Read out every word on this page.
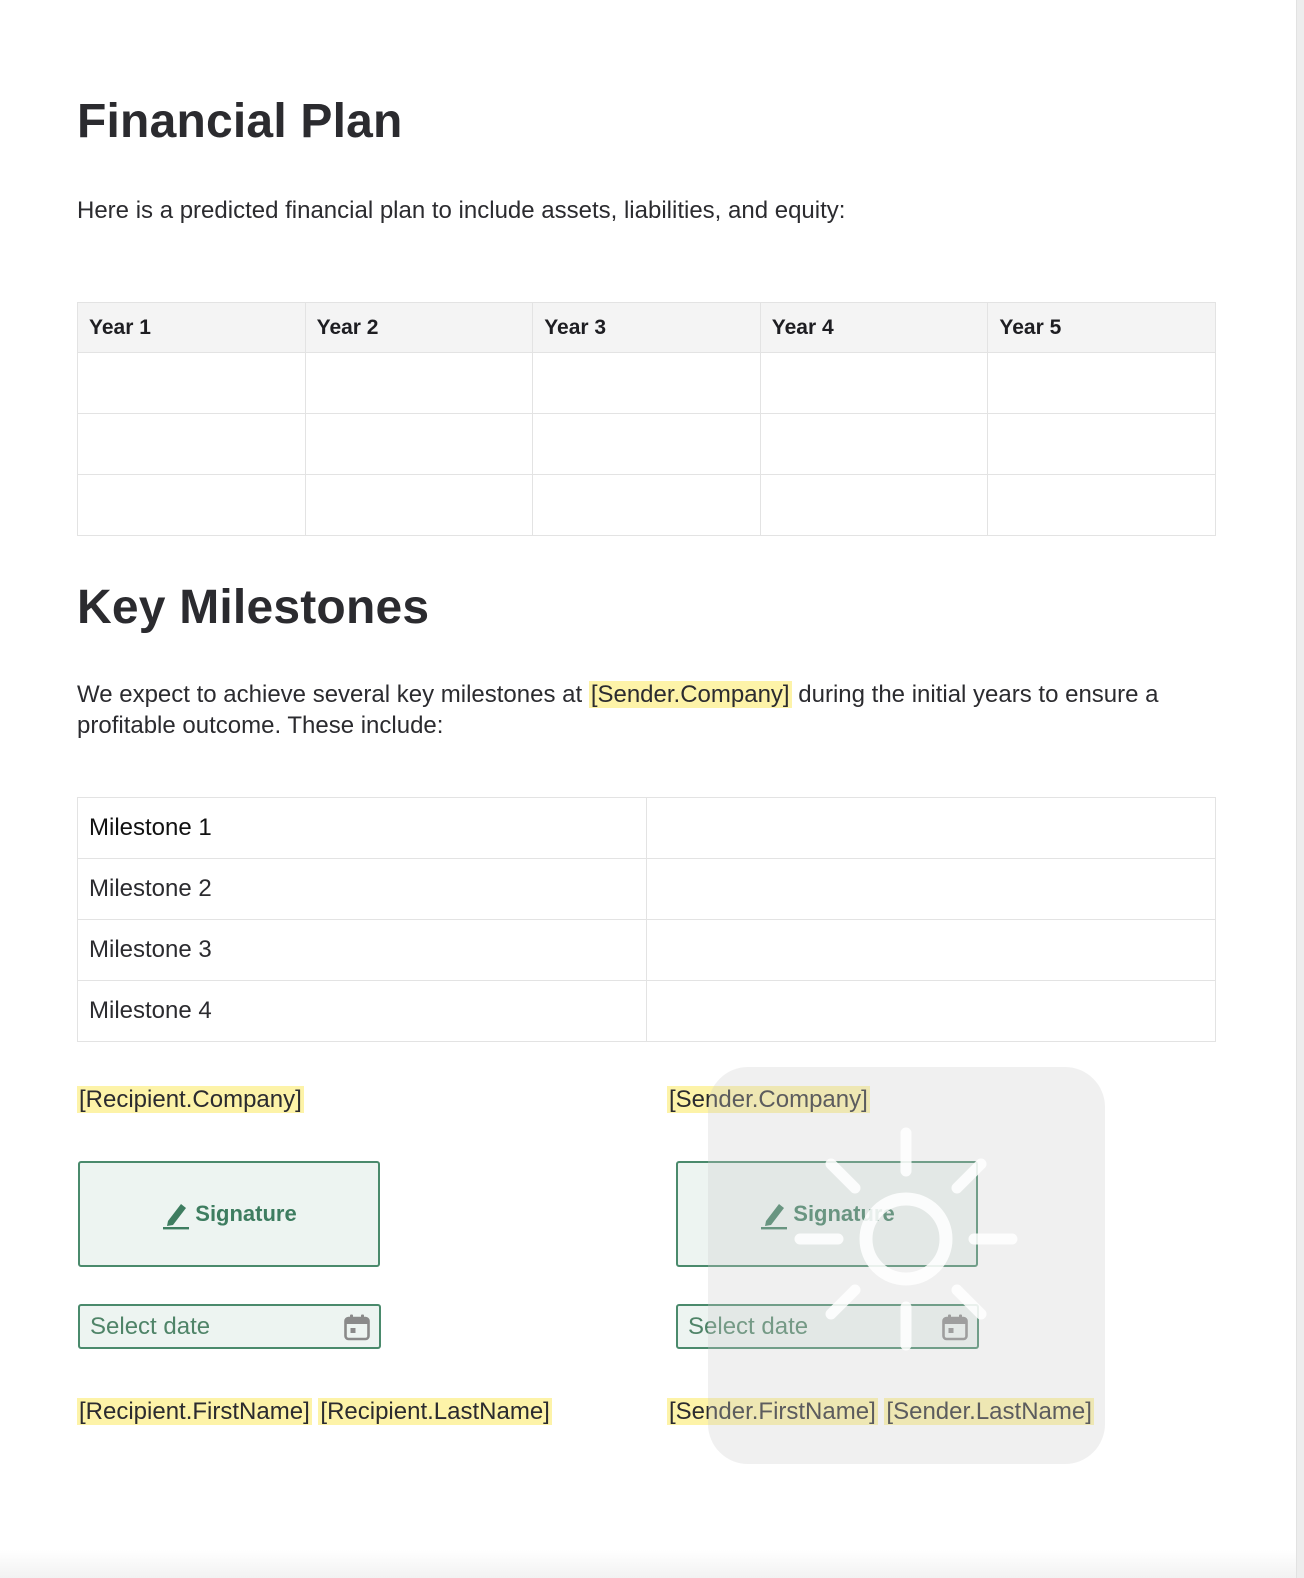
Financial Plan

Here is a predicted financial plan to include assets, liabilities, and equity:

Year 1	Year 2	Year 3	Year 4	Year 5

Key Milestones

We expect to achieve several key milestones at [Sender.Company] during the initial years to ensure a profitable outcome. These include:

Milestone 1	
Milestone 2	
Milestone 3	
Milestone 4	
[Recipient.Company]
Signature
Select date
[Recipient.FirstName] [Recipient.LastName]
[Sender.Company]
Signature
Select date
[Sender.FirstName] [Sender.LastName]
